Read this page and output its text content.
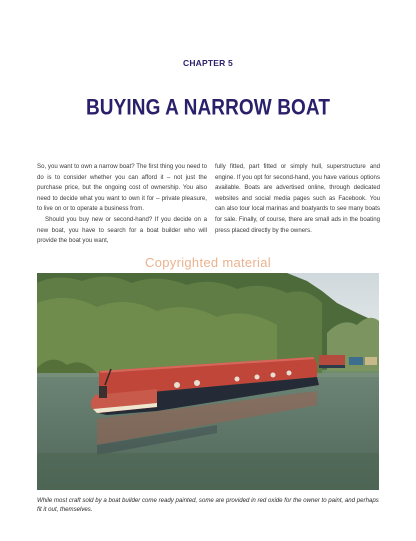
CHAPTER 5
BUYING A NARROW BOAT

So, you want to own a narrow boat? The first thing you need to do is to consider whether you can afford it – not just the purchase price, but the ongoing cost of ownership. You also need to decide what you want to own it for – private pleasure, to live on or to operate a business from.

Should you buy new or second-hand? If you decide on a new boat, you have to search for a boat builder who will provide the boat you want,

fully fitted, part fitted or simply hull, superstructure and engine. If you opt for second-hand, you have various options available. Boats are advertised online, through dedicated websites and social media pages such as Facebook. You can also tour local marinas and boatyards to see many boats for sale. Finally, of course, there are small ads in the boating press placed directly by the owners.

Copyrighted material
While most craft sold by a boat builder come ready painted, some are provided in red oxide for the owner to paint, and perhaps fit it out, themselves.
